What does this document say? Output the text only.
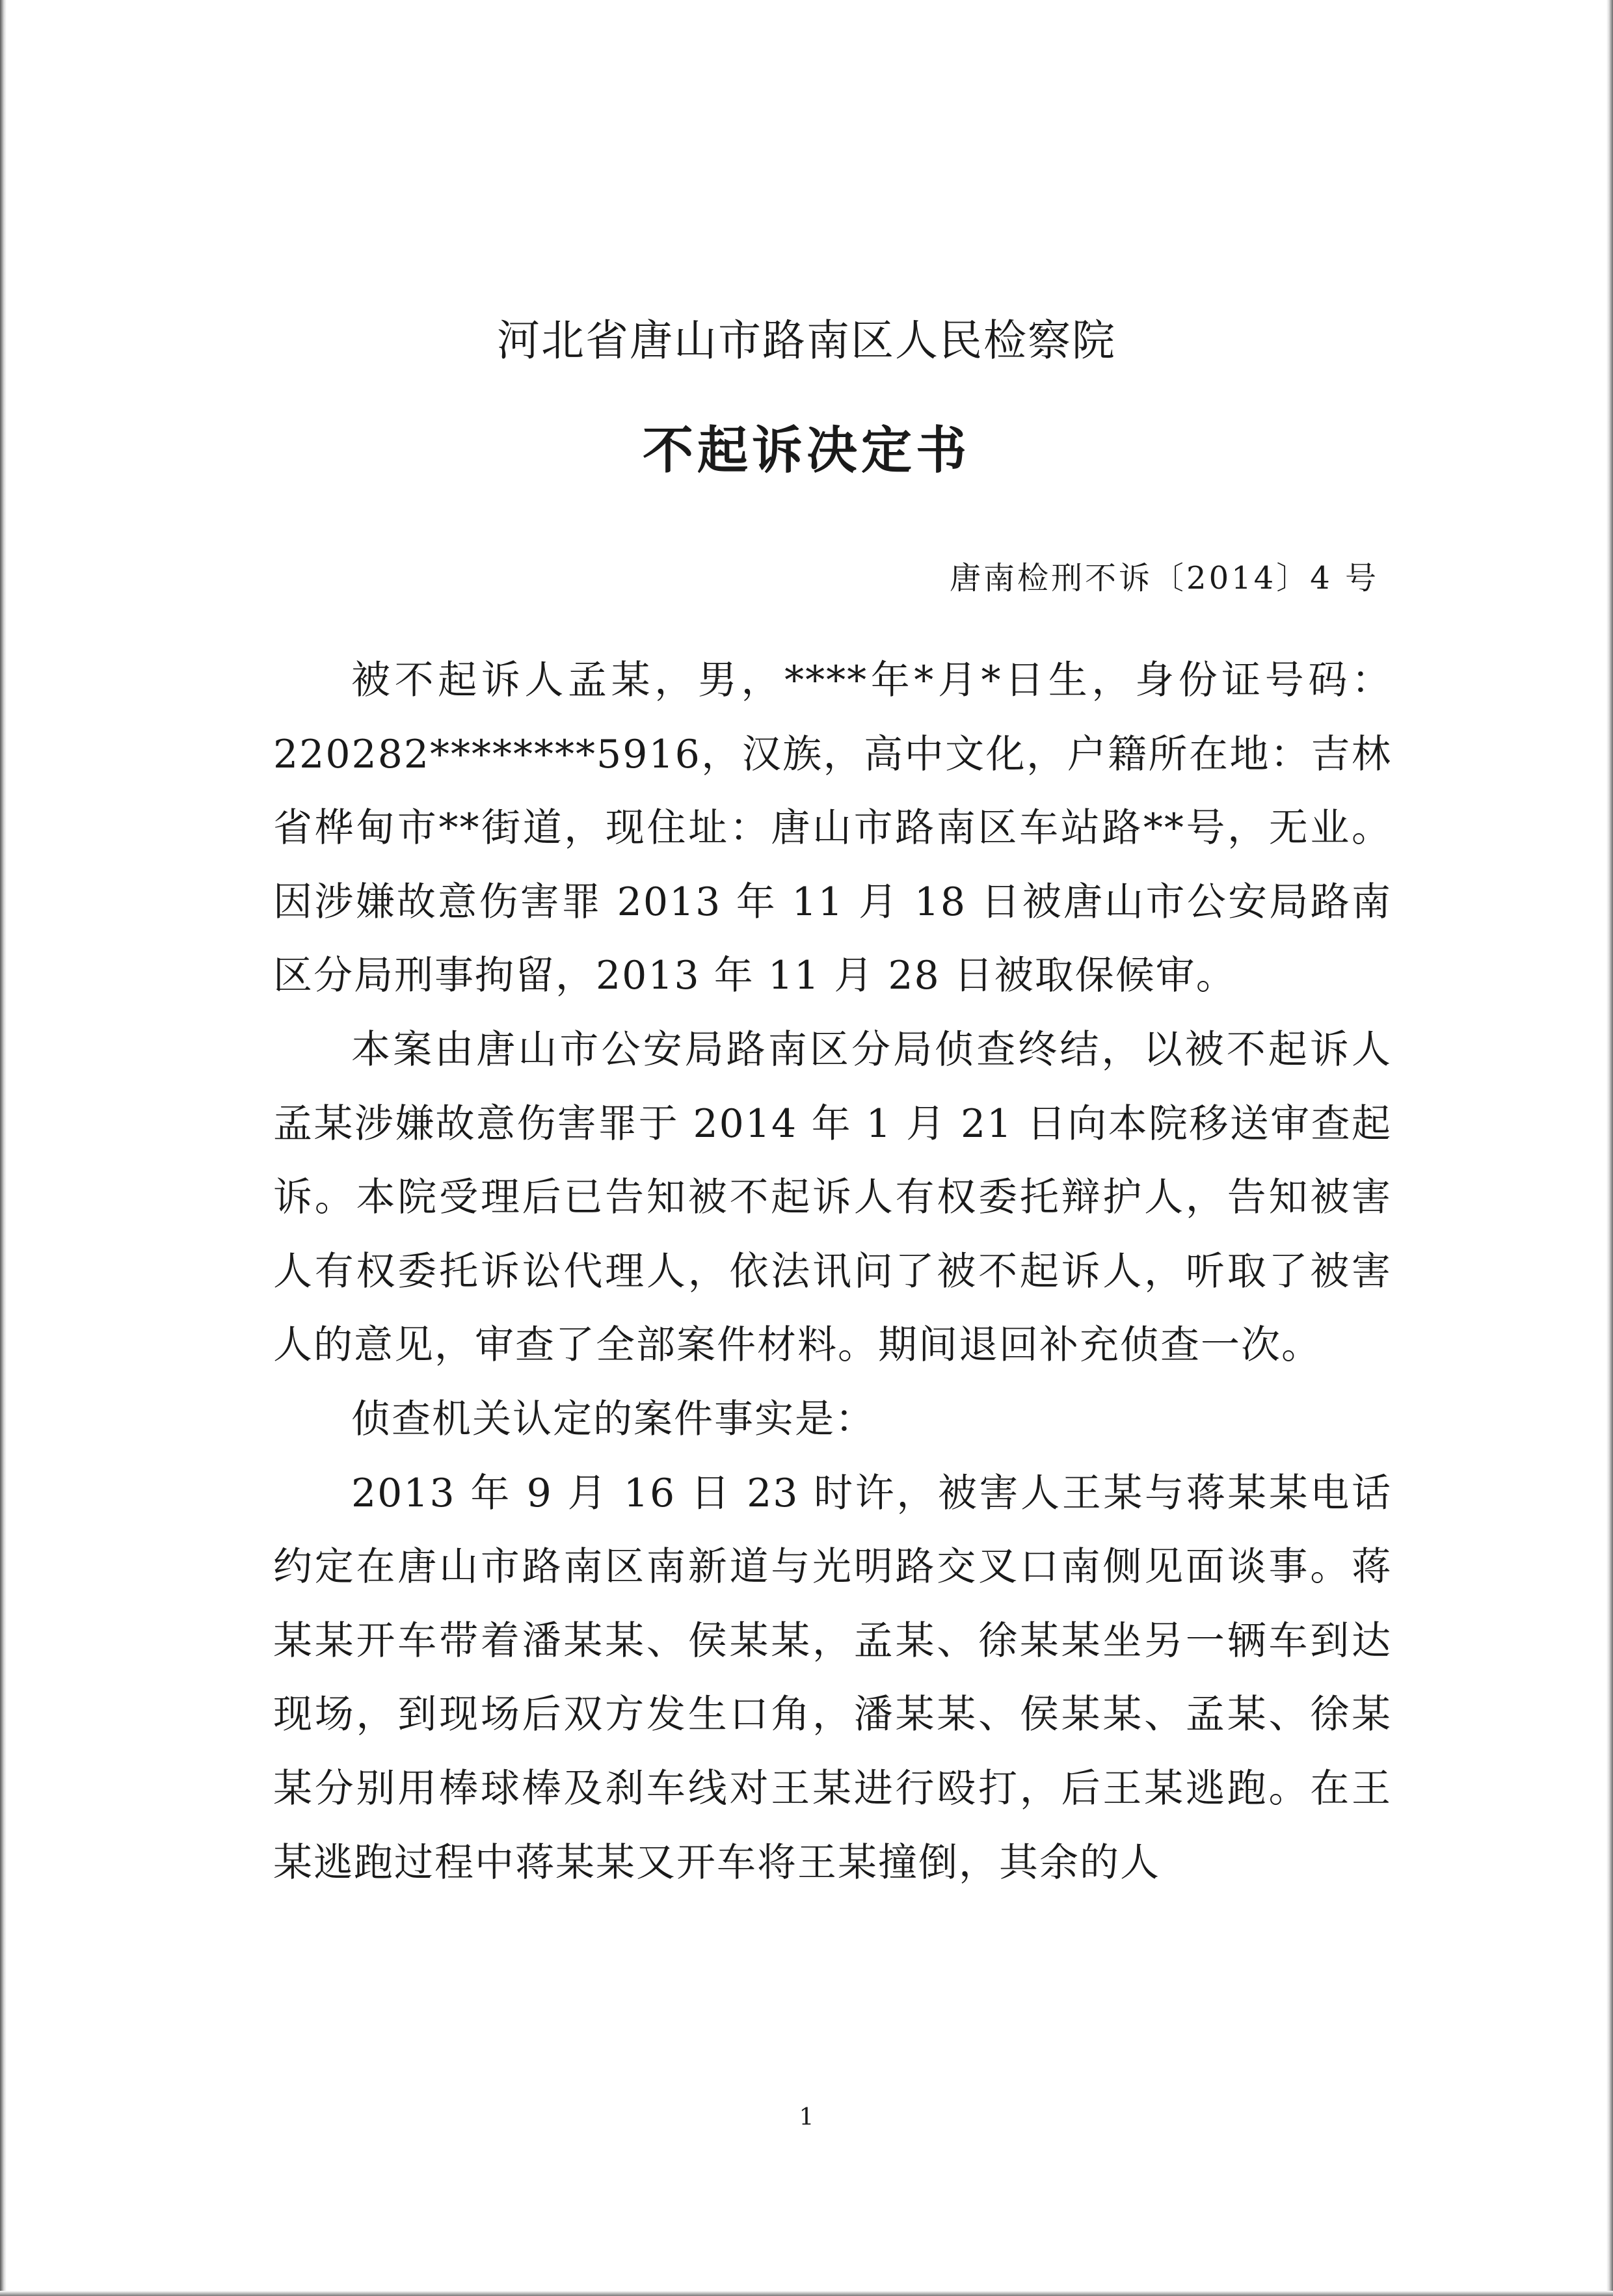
河北省唐山市路南区人民检察院
不起诉决定书
唐南检刑不诉〔2014〕4 号

被不起诉人孟某，男，****年*月*日生，身份证号码：220282********5916，汉族，高中文化，户籍所在地：吉林省桦甸市**街道，现住址：唐山市路南区车站路**号，无业。因涉嫌故意伤害罪 2013 年 11 月 18 日被唐山市公安局路南区分局刑事拘留，2013 年 11 月 28 日被取保候审。

本案由唐山市公安局路南区分局侦查终结，以被不起诉人孟某涉嫌故意伤害罪于 2014 年 1 月 21 日向本院移送审查起诉。本院受理后已告知被不起诉人有权委托辩护人，告知被害人有权委托诉讼代理人，依法讯问了被不起诉人，听取了被害人的意见，审查了全部案件材料。期间退回补充侦查一次。

侦查机关认定的案件事实是：

2013 年 9 月 16 日 23 时许，被害人王某与蒋某某电话约定在唐山市路南区南新道与光明路交叉口南侧见面谈事。蒋某某开车带着潘某某、侯某某，孟某、徐某某坐另一辆车到达现场，到现场后双方发生口角，潘某某、侯某某、孟某、徐某某分别用棒球棒及刹车线对王某进行殴打，后王某逃跑。在王某逃跑过程中蒋某某又开车将王某撞倒，其余的人

1
